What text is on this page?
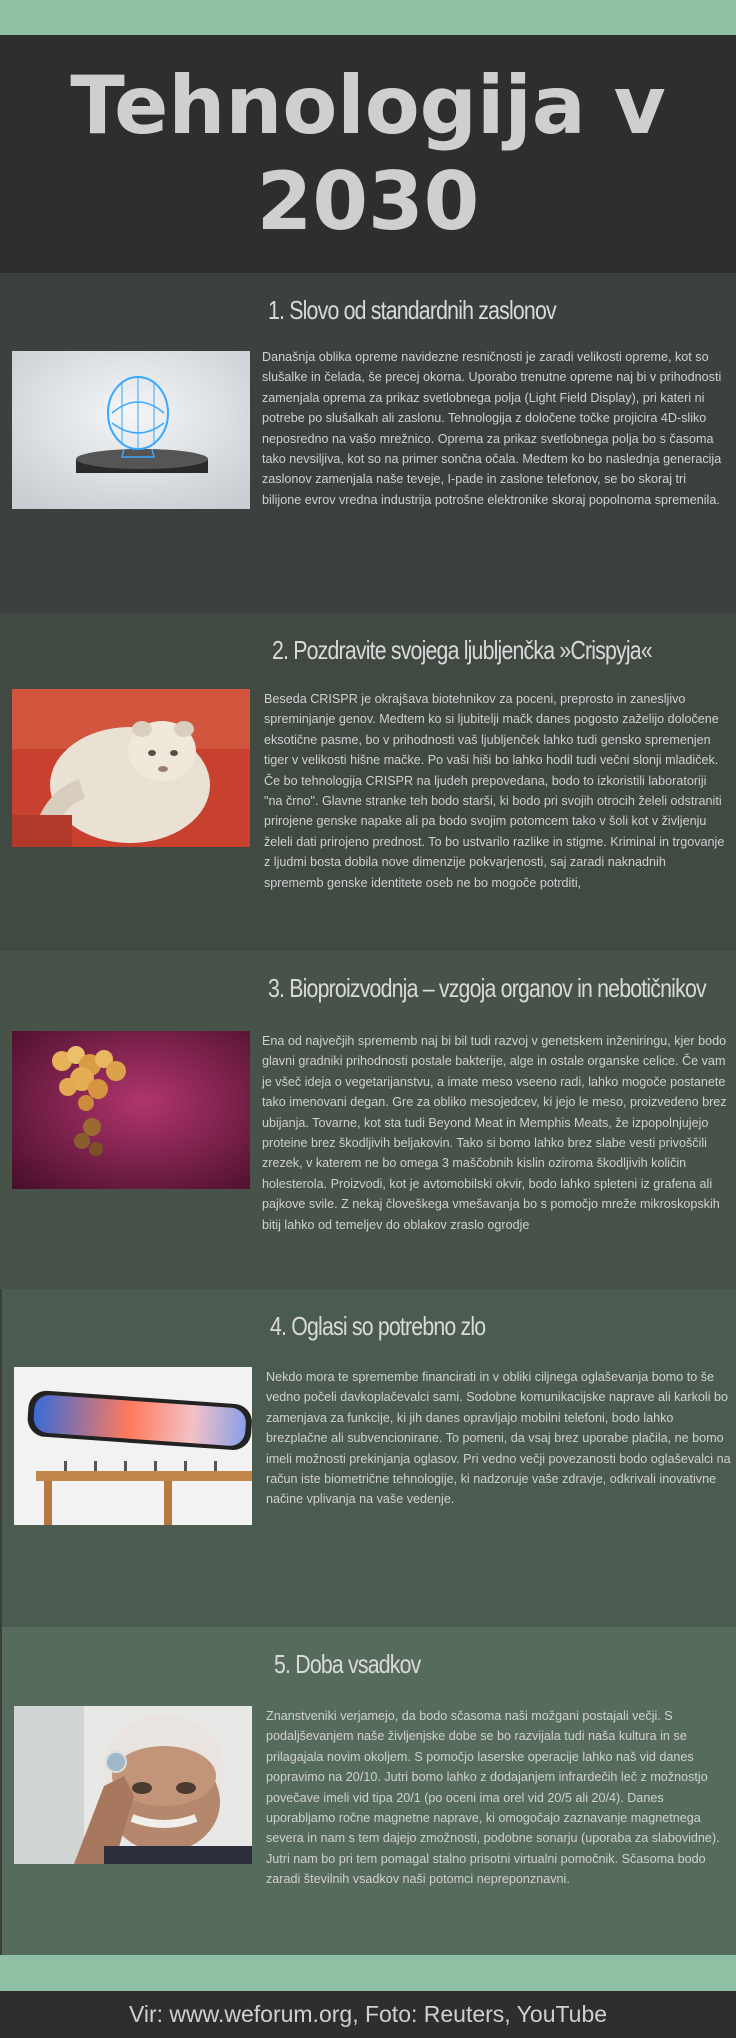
Tehnologija v 2030
1. Slovo od standardnih zaslonov

Današnja oblika opreme navidezne resničnosti je zaradi velikosti opreme, kot so slušalke in čelada, še precej okorna. Uporabo trenutne opreme naj bi v prihodnosti zamenjala oprema za prikaz svetlobnega polja (Light Field Display), pri kateri ni potrebe po slušalkah ali zaslonu. Tehnologija z določene točke projicira 4D-sliko neposredno na vašo mrežnico. Oprema za prikaz svetlobnega polja bo s časoma tako nevsiljiva, kot so na primer sončna očala. Medtem ko bo naslednja generacija zaslonov zamenjala naše teveje, I-pade in zaslone telefonov, se bo skoraj tri bilijone evrov vredna industrija potrošne elektronike skoraj popolnoma spremenila.

2. Pozdravite svojega ljubljenčka »Crispyja«

Beseda CRISPR je okrajšava biotehnikov za poceni, preprosto in zanesljivo spreminjanje genov. Medtem ko si ljubitelji mačk danes pogosto zaželijo določene eksotične pasme, bo v prihodnosti vaš ljubljenček lahko tudi gensko spremenjen tiger v velikosti hišne mačke. Po vaši hiši bo lahko hodil tudi večni slonji mladiček. Če bo tehnologija CRISPR na ljudeh prepovedana, bodo to izkoristili laboratoriji "na črno". Glavne stranke teh bodo starši, ki bodo pri svojih otrocih želeli odstraniti prirojene genske napake ali pa bodo svojim potomcem tako v šoli kot v življenju želeli dati prirojeno prednost. To bo ustvarilo razlike in stigme. Kriminal in trgovanje z ljudmi bosta dobila nove dimenzije pokvarjenosti, saj zaradi naknadnih sprememb genske identitete oseb ne bo mogoče potrditi,

3. Bioproizvodnja – vzgoja organov in nebotičnikov

Ena od največjih sprememb naj bi bil tudi razvoj v genetskem inženiringu, kjer bodo glavni gradniki prihodnosti postale bakterije, alge in ostale organske celice. Če vam je všeč ideja o vegetarijanstvu, a imate meso vseeno radi, lahko mogoče postanete tako imenovani degan. Gre za obliko mesojedcev, ki jejo le meso, proizvedeno brez ubijanja. Tovarne, kot sta tudi Beyond Meat in Memphis Meats, že izpopolnjujejo proteine brez škodljivih beljakovin. Tako si bomo lahko brez slabe vesti privoščili zrezek, v katerem ne bo omega 3 maščobnih kislin oziroma škodljivih količin holesterola. Proizvodi, kot je avtomobilski okvir, bodo lahko spleteni iz grafena ali pajkove svile. Z nekaj človeškega vmešavanja bo s pomočjo mreže mikroskopskih bitij lahko od temeljev do oblakov zraslo ogrodje

4. Oglasi so potrebno zlo

Nekdo mora te spremembe financirati in v obliki ciljnega oglaševanja bomo to še vedno počeli davkoplačevalci sami. Sodobne komunikacijske naprave ali karkoli bo zamenjava za funkcije, ki jih danes opravljajo mobilni telefoni, bodo lahko brezplačne ali subvencionirane. To pomeni, da vsaj brez uporabe plačila, ne bomo imeli možnosti prekinjanja oglasov. Pri vedno večji povezanosti bodo oglaševalci na račun iste biometrične tehnologije, ki nadzoruje vaše zdravje, odkrivali inovativne načine vplivanja na vaše vedenje.

5. Doba vsadkov

Znanstveniki verjamejo, da bodo sčasoma naši možgani postajali večji. S podaljševanjem naše življenjske dobe se bo razvijala tudi naša kultura in se prilagajala novim okoljem. S pomočjo laserske operacije lahko naš vid danes popravimo na 20/10. Jutri bomo lahko z dodajanjem infrardečih leč z možnostjo povečave imeli vid tipa 20/1 (po oceni ima orel vid 20/5 ali 20/4). Danes uporabljamo ročne magnetne naprave, ki omogočajo zaznavanje magnetnega severa in nam s tem dajejo zmožnosti, podobne sonarju (uporaba za slabovidne). Jutri nam bo pri tem pomagal stalno prisotni virtualni pomočnik. Sčasoma bodo zaradi številnih vsadkov naši potomci nepreponznavni.

Vir: www.weforum.org, Foto: Reuters, YouTube
